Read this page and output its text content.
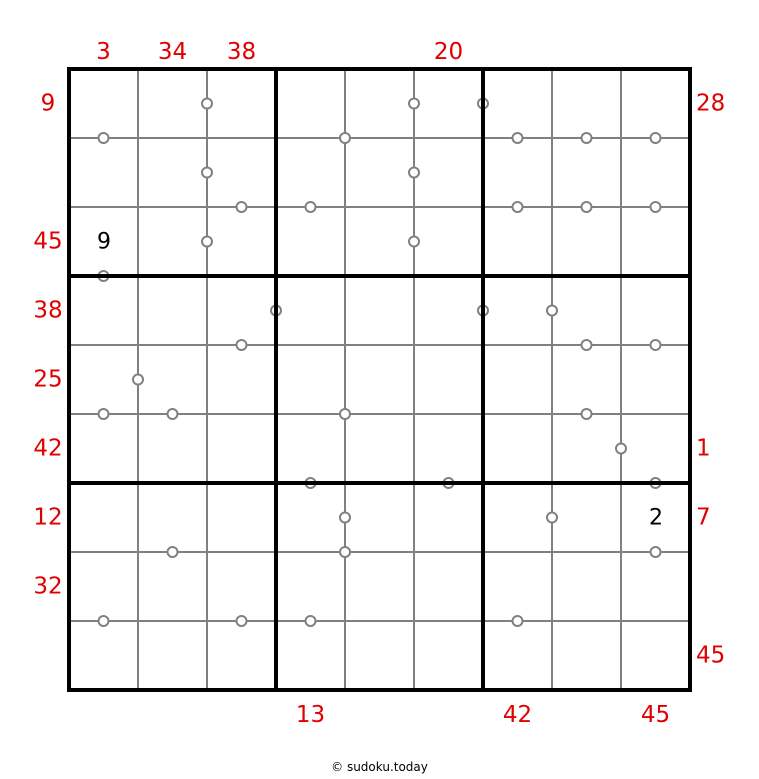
9
2
3 34 38	20
13	42	45
9
45
38
25
42
12
32
28
1
7
45
© sudoku.today
